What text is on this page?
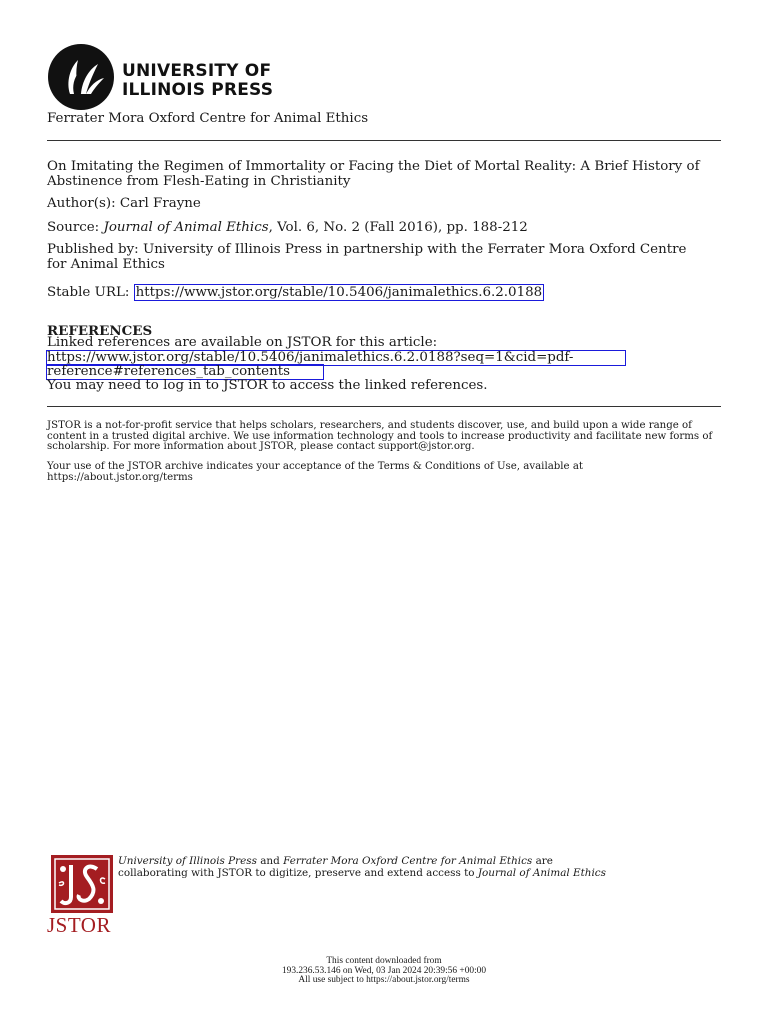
UNIVERSITY OF
ILLINOIS PRESS
Ferrater Mora Oxford Centre for Animal Ethics
On Imitating the Regimen of Immortality or Facing the Diet of Mortal Reality: A Brief History of Abstinence from Flesh-Eating in Christianity
Author(s): Carl Frayne
Source: Journal of Animal Ethics, Vol. 6, No. 2 (Fall 2016), pp. 188-212
Published by: University of Illinois Press in partnership with the Ferrater Mora Oxford Centre for Animal Ethics
Stable URL: https://www.jstor.org/stable/10.5406/janimalethics.6.2.0188
REFERENCES
Linked references are available on JSTOR for this article:
https://www.jstor.org/stable/10.5406/janimalethics.6.2.0188?seq=1&cid=pdf-
reference#references_tab_contents
You may need to log in to JSTOR to access the linked references.
JSTOR is a not-for-profit service that helps scholars, researchers, and students discover, use, and build upon a wide range of content in a trusted digital archive. We use information technology and tools to increase productivity and facilitate new forms of scholarship. For more information about JSTOR, please contact support@jstor.org.
Your use of the JSTOR archive indicates your acceptance of the Terms & Conditions of Use, available at https://about.jstor.org/terms
JSTOR
University of Illinois Press and Ferrater Mora Oxford Centre for Animal Ethics are
collaborating with JSTOR to digitize, preserve and extend access to Journal of Animal Ethics
This content downloaded from
193.236.53.146 on Wed, 03 Jan 2024 20:39:56 +00:00
All use subject to https://about.jstor.org/terms
